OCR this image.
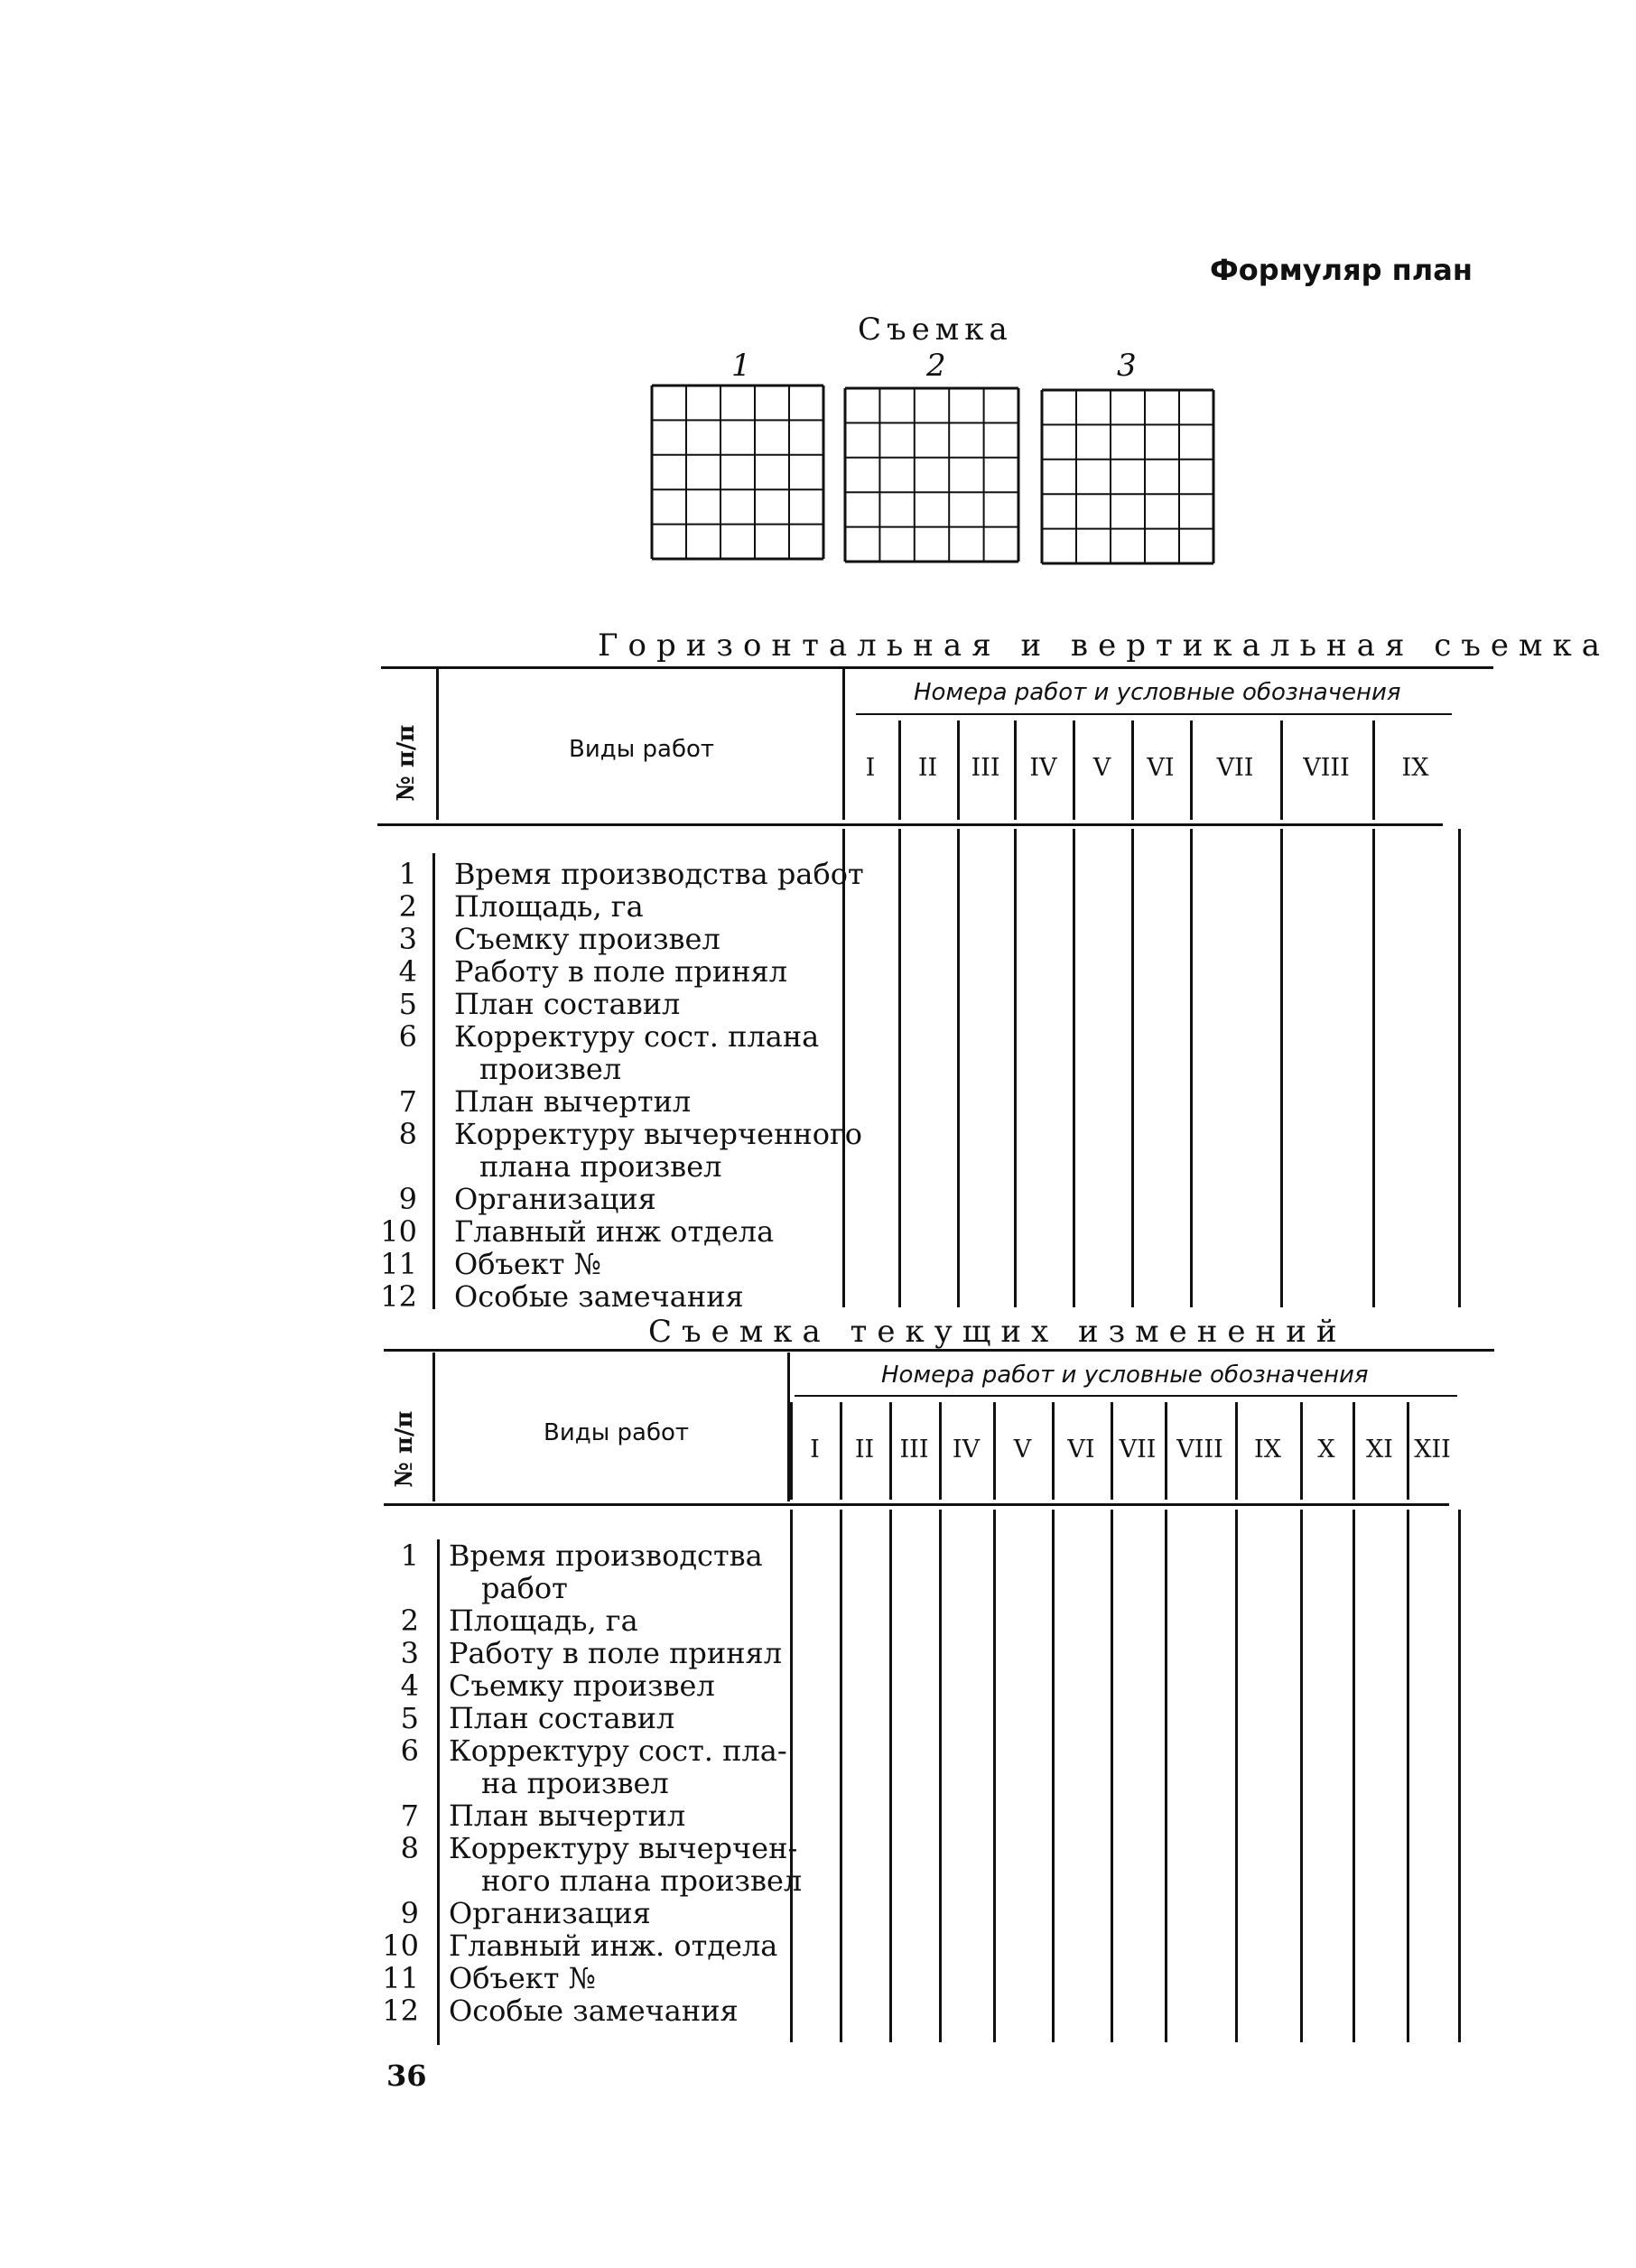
Формуляр план
Съемка
1	2	3
Горизонтальная и вертикальная съемка
№ п/п	Виды работ
Номера работ и условные обозначения
I	II	III	IV	V	VI	VII	VIII	IX
1 Время производства работ
2 Площадь, га
3 Съемку произвел
4 Работу в поле принял
5 План составил
6 Корректуру сост. плана
произвел
7 План вычертил
8 Корректуру вычерченного
плана произвел
9 Организация
10 Главный инж отдела
11 Объект №
12 Особые замечания
Съемка текущих изменений
№ п/п	Виды работ
Номера работ и условные обозначения
I	II	III IV	V	VI	VII VIII	IX	X	XI XII
1 Время производства
работ
2 Площадь, га
3 Работу в поле принял
4 Съемку произвел
5 План составил
6 Корректуру сост. пла-
на произвел
7 План вычертил
8 Корректуру вычерчен-
ного плана произвел
9 Организация
10 Главный инж. отдела
11 Объект №
12 Особые замечания
36
